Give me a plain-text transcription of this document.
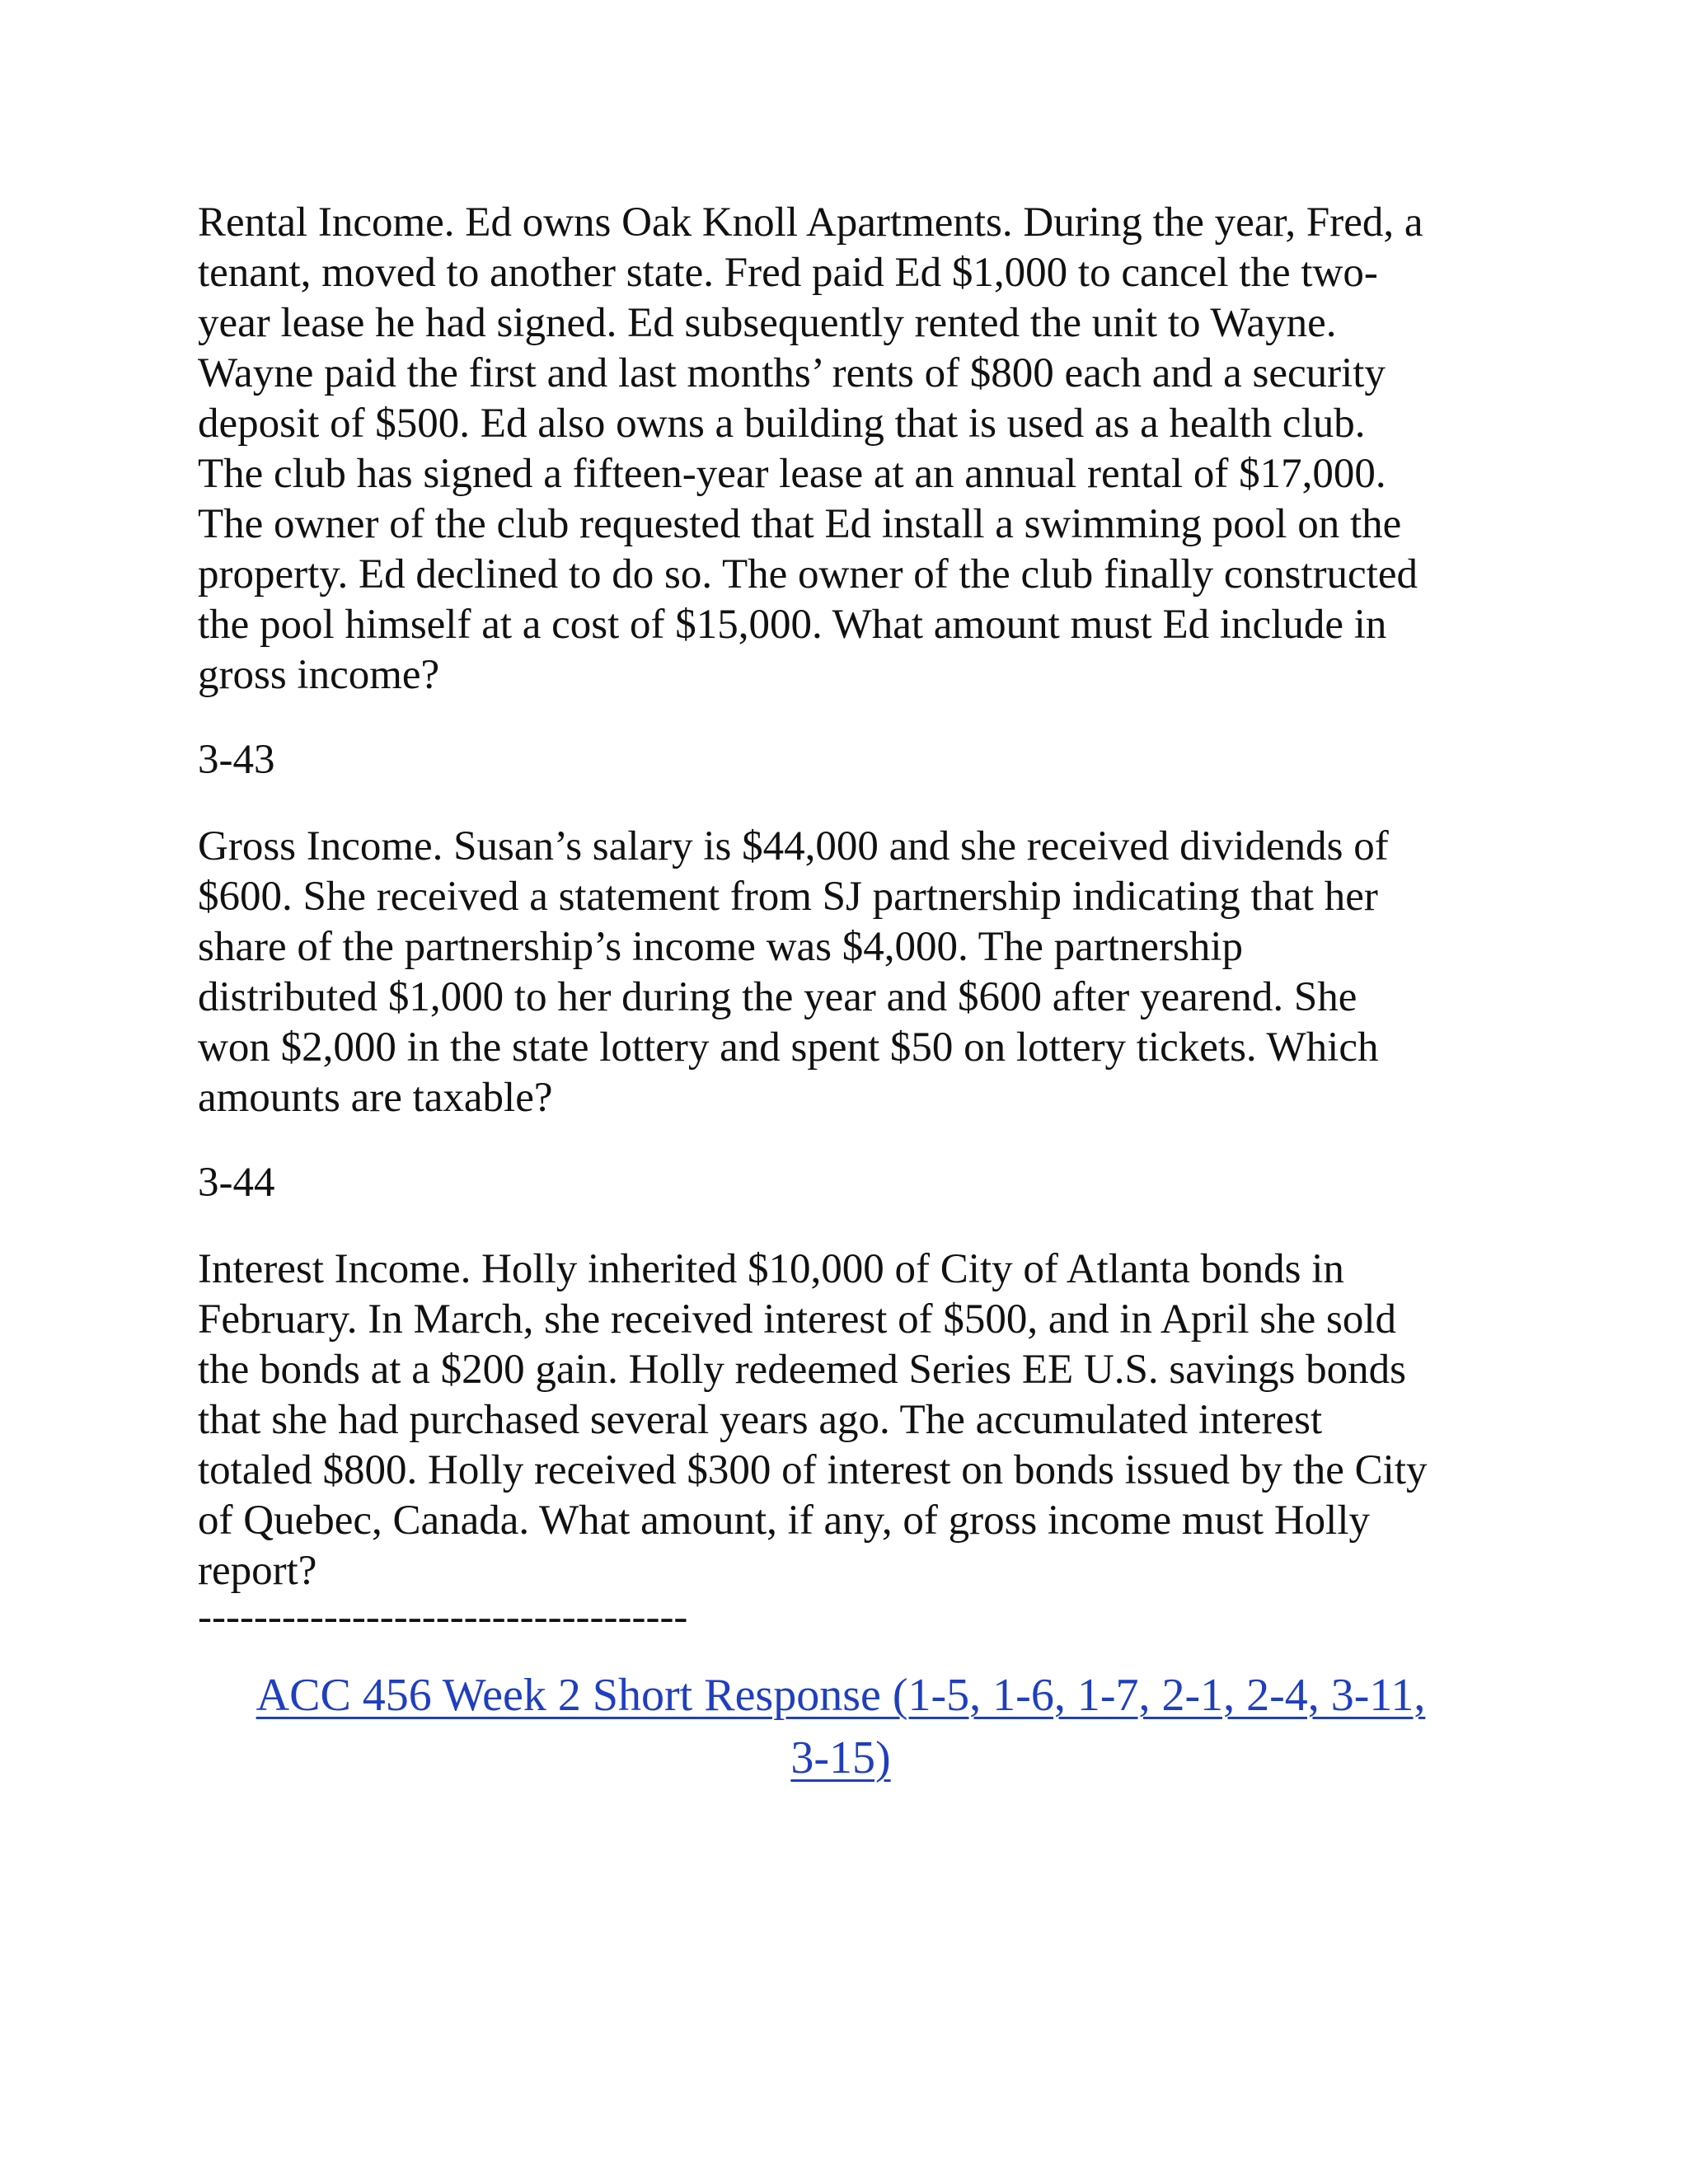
Rental Income. Ed owns Oak Knoll Apartments. During the year, Fred, a
tenant, moved to another state. Fred paid Ed $1,000 to cancel the two-
year lease he had signed. Ed subsequently rented the unit to Wayne.
Wayne paid the first and last months’ rents of $800 each and a security
deposit of $500. Ed also owns a building that is used as a health club.
The club has signed a fifteen-year lease at an annual rental of $17,000.
The owner of the club requested that Ed install a swimming pool on the
property. Ed declined to do so. The owner of the club finally constructed
the pool himself at a cost of $15,000. What amount must Ed include in
gross income?

3-43

Gross Income. Susan’s salary is $44,000 and she received dividends of
$600. She received a statement from SJ partnership indicating that her
share of the partnership’s income was $4,000. The partnership
distributed $1,000 to her during the year and $600 after yearend. She
won $2,000 in the state lottery and spent $50 on lottery tickets. Which
amounts are taxable?

3-44

Interest Income. Holly inherited $10,000 of City of Atlanta bonds in
February. In March, she received interest of $500, and in April she sold
the bonds at a $200 gain. Holly redeemed Series EE U.S. savings bonds
that she had purchased several years ago. The accumulated interest
totaled $800. Holly received $300 of interest on bonds issued by the City
of Quebec, Canada. What amount, if any, of gross income must Holly
report?

-----------------------------------

ACC 456 Week 2 Short Response (1-5, 1-6, 1-7, 2-1, 2-4, 3-11,
3-15)
